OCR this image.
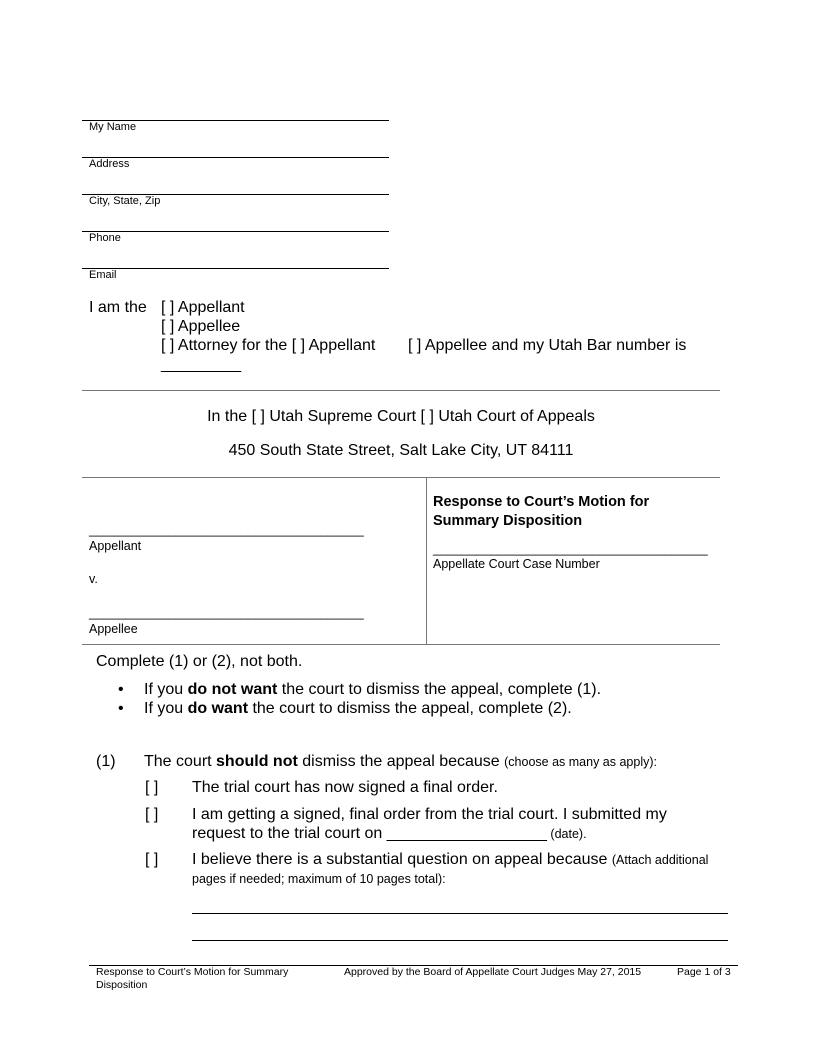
My Name
Address
City, State, Zip
Phone
Email
I am the [ ] Appellant
[ ] Appellee
[ ] Attorney for the [ ] Appellant [ ] Appellee and my Utah Bar number is
_________
In the [ ] Utah Supreme Court [ ] Utah Court of Appeals
450 South State Street, Salt Lake City, UT 84111
______________________________________
Appellant
v.
______________________________________
Appellee
Response to Court’s Motion for Summary Disposition
______________________________________
Appellate Court Case Number
Complete (1) or (2), not both.
• If you do not want the court to dismiss the appeal, complete (1).
• If you do want the court to dismiss the appeal, complete (2).
(1) The court should not dismiss the appeal because (choose as many as apply):
[ ] The trial court has now signed a final order.
[ ] I am getting a signed, final order from the trial court. I submitted my
request to the trial court on __________________ (date).
[ ] I believe there is a substantial question on appeal because (Attach additional
pages if needed; maximum of 10 pages total):
Response to Court’s Motion for Summary
Disposition
Approved by the Board of Appellate Court Judges May 27, 2015	Page 1 of 3
